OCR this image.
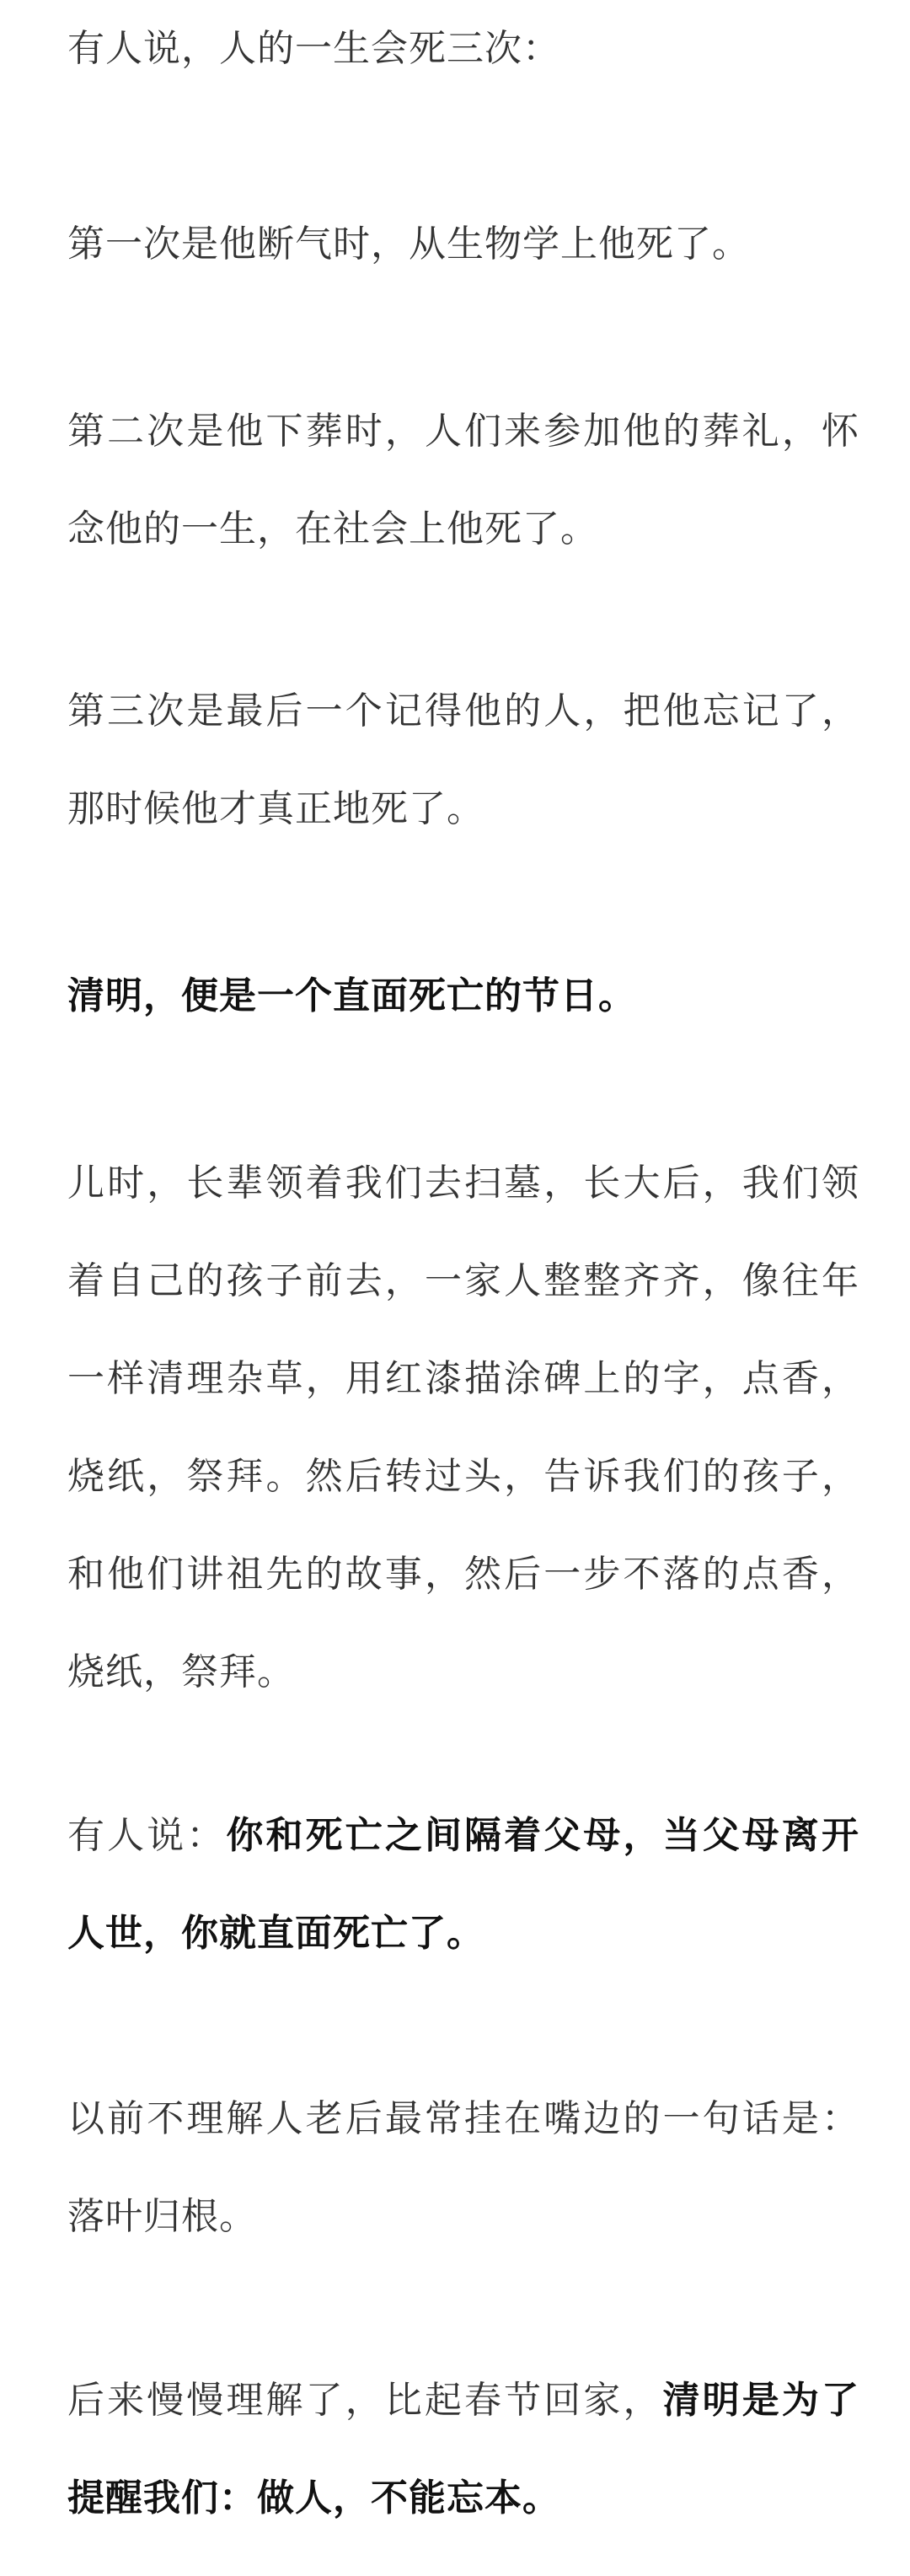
有人说，人的一生会死三次：

第一次是他断气时，从生物学上他死了。

第二次是他下葬时，人们来参加他的葬礼，怀念他的一生，在社会上他死了。

第三次是最后一个记得他的人，把他忘记了，那时候他才真正地死了。

清明，便是一个直面死亡的节日。

儿时，长辈领着我们去扫墓，长大后，我们领着自己的孩子前去，一家人整整齐齐，像往年一样清理杂草，用红漆描涂碑上的字，点香，烧纸，祭拜。然后转过头，告诉我们的孩子，和他们讲祖先的故事，然后一步不落的点香，烧纸，祭拜。

有人说：你和死亡之间隔着父母，当父母离开人世，你就直面死亡了。

以前不理解人老后最常挂在嘴边的一句话是：落叶归根。

后来慢慢理解了，比起春节回家，清明是为了提醒我们：做人，不能忘本。
